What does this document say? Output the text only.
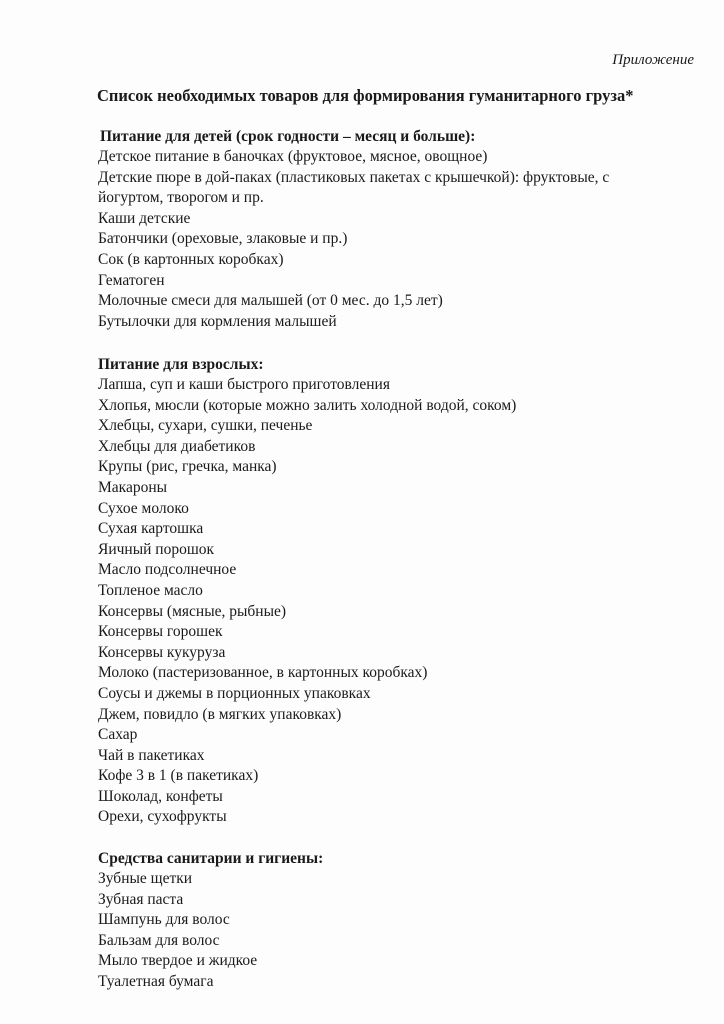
Приложение
Список необходимых товаров для формирования гуманитарного груза*
Питание для детей (срок годности – месяц и больше):
Детское питание в баночках (фруктовое, мясное, овощное)
Детские пюре в дой-паках (пластиковых пакетах с крышечкой): фруктовые, с
йогуртом, творогом и пр.
Каши детские
Батончики (ореховые, злаковые и пр.)
Сок (в картонных коробках)
Гематоген
Молочные смеси для малышей (от 0 мес. до 1,5 лет)
Бутылочки для кормления малышей
Питание для взрослых:
Лапша, суп и каши быстрого приготовления
Хлопья, мюсли (которые можно залить холодной водой, соком)
Хлебцы, сухари, сушки, печенье
Хлебцы для диабетиков
Крупы (рис, гречка, манка)
Макароны
Сухое молоко
Сухая картошка
Яичный порошок
Масло подсолнечное
Топленое масло
Консервы (мясные, рыбные)
Консервы горошек
Консервы кукуруза
Молоко (пастеризованное, в картонных коробках)
Соусы и джемы в порционных упаковках
Джем, повидло (в мягких упаковках)
Сахар
Чай в пакетиках
Кофе 3 в 1 (в пакетиках)
Шоколад, конфеты
Орехи, сухофрукты
Средства санитарии и гигиены:
Зубные щетки
Зубная паста
Шампунь для волос
Бальзам для волос
Мыло твердое и жидкое
Туалетная бумага
